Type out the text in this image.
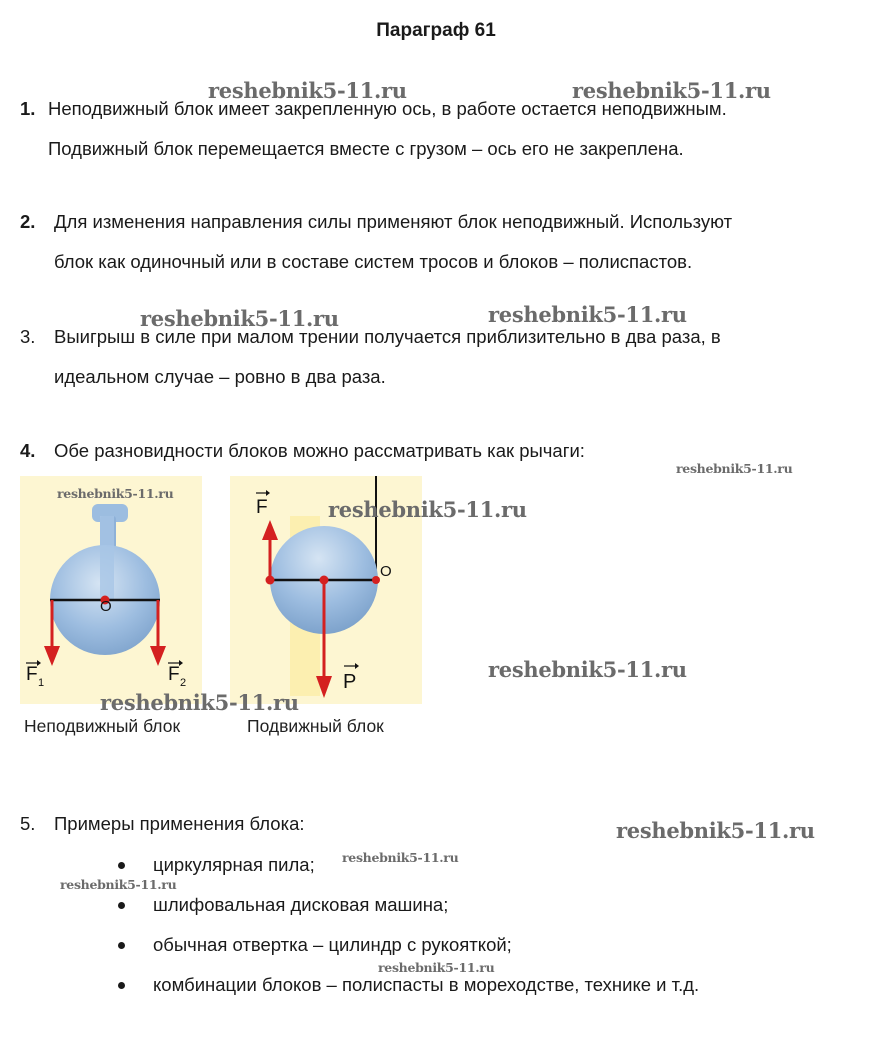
Параграф 61
1. Неподвижный блок имеет закрепленную ось, в работе остается неподвижным.
Подвижный блок перемещается вместе с грузом – ось его не закреплена.
2. Для изменения направления силы применяют блок неподвижный. Используют
блок как одиночный или в составе систем тросов и блоков – полиспастов.
3. Выигрыш в силе при малом трении получается приблизительно в два раза, в
идеальном случае – ровно в два раза.
4. Обе разновидности блоков можно рассматривать как рычаги:
O
F 1	F 2
O
F
P
Неподвижный блок	Подвижный блок
5. Примеры применения блока:
циркулярная пила;
шлифовальная дисковая машина;
обычная отвертка – цилиндр с рукояткой;
комбинации блоков – полиспасты в мореходстве, технике и т.д.
reshebnik5-11.ru	reshebnik5-11.ru
reshebnik5-11.ru	reshebnik5-11.ru
reshebnik5-11.ru
reshebnik5-11.ru
reshebnik5-11.ru
reshebnik5-11.ru
reshebnik5-11.ru
reshebnik5-11.ru
reshebnik5-11.ru
reshebnik5-11.ru
reshebnik5-11.ru
